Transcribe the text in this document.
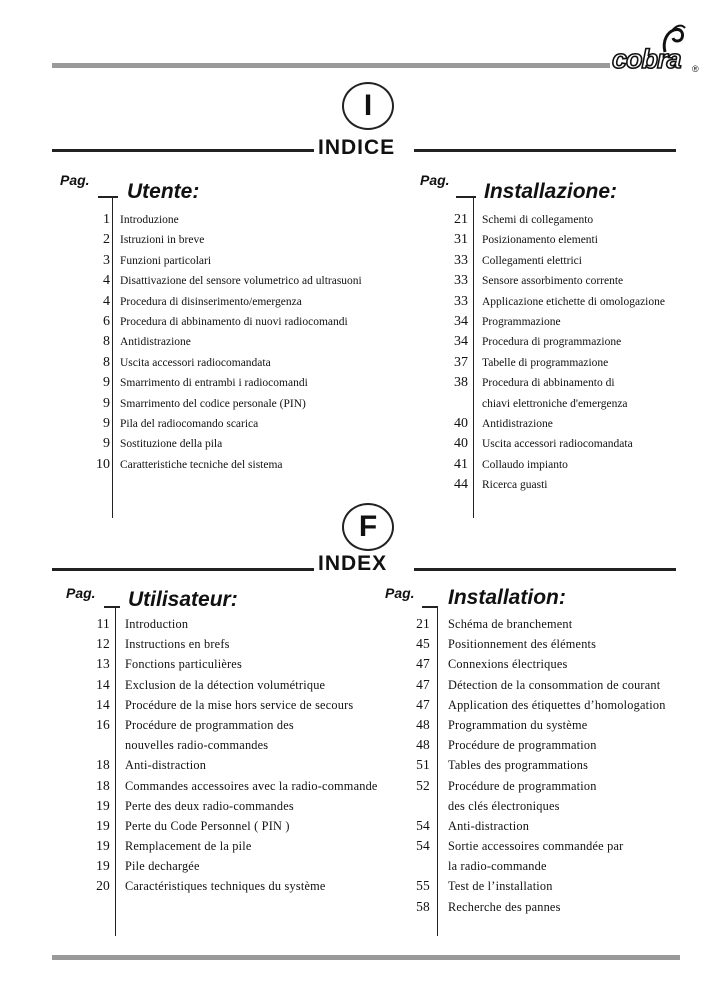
cobra ®
I
INDICE
Pag. Utente:
1 Introduzione
2 Istruzioni in breve
3 Funzioni particolari
4 Disattivazione del sensore volumetrico ad ultrasuoni
4 Procedura di disinserimento/emergenza
6 Procedura di abbinamento di nuovi radiocomandi
8 Antidistrazione
8 Uscita accessori radiocomandata
9 Smarrimento di entrambi i radiocomandi
9 Smarrimento del codice personale (PIN)
9 Pila del radiocomando scarica
9 Sostituzione della pila
10 Caratteristiche tecniche del sistema
Pag. Installazione:
21 Schemi di collegamento
31 Posizionamento elementi
33 Collegamenti elettrici
33 Sensore assorbimento corrente
33 Applicazione etichette di omologazione
34 Programmazione
34 Procedura di programmazione
37 Tabelle di programmazione
38 Procedura di abbinamento di
chiavi elettroniche d'emergenza
40 Antidistrazione
40 Uscita accessori radiocomandata
41 Collaudo impianto
44 Ricerca guasti
F
INDEX
Pag. Utilisateur:
11 Introduction
12 Instructions en brefs
13 Fonctions particulières
14 Exclusion de la détection volumétrique
14 Procédure de la mise hors service de secours
16 Procédure de programmation des
nouvelles radio-commandes
18 Anti-distraction
18 Commandes accessoires avec la radio-commande
19 Perte des deux radio-commandes
19 Perte du Code Personnel ( PIN )
19 Remplacement de la pile
19 Pile dechargée
20 Caractéristiques techniques du système
Pag. Installation:
21 Schéma de branchement
45 Positionnement des éléments
47 Connexions électriques
47 Détection de la consommation de courant
47 Application des étiquettes d’homologation
48 Programmation du système
48 Procédure de programmation
51 Tables des programmations
52 Procédure de programmation
des clés électroniques
54 Anti-distraction
54 Sortie accessoires commandée par
la radio-commande
55 Test de l’installation
58 Recherche des pannes
